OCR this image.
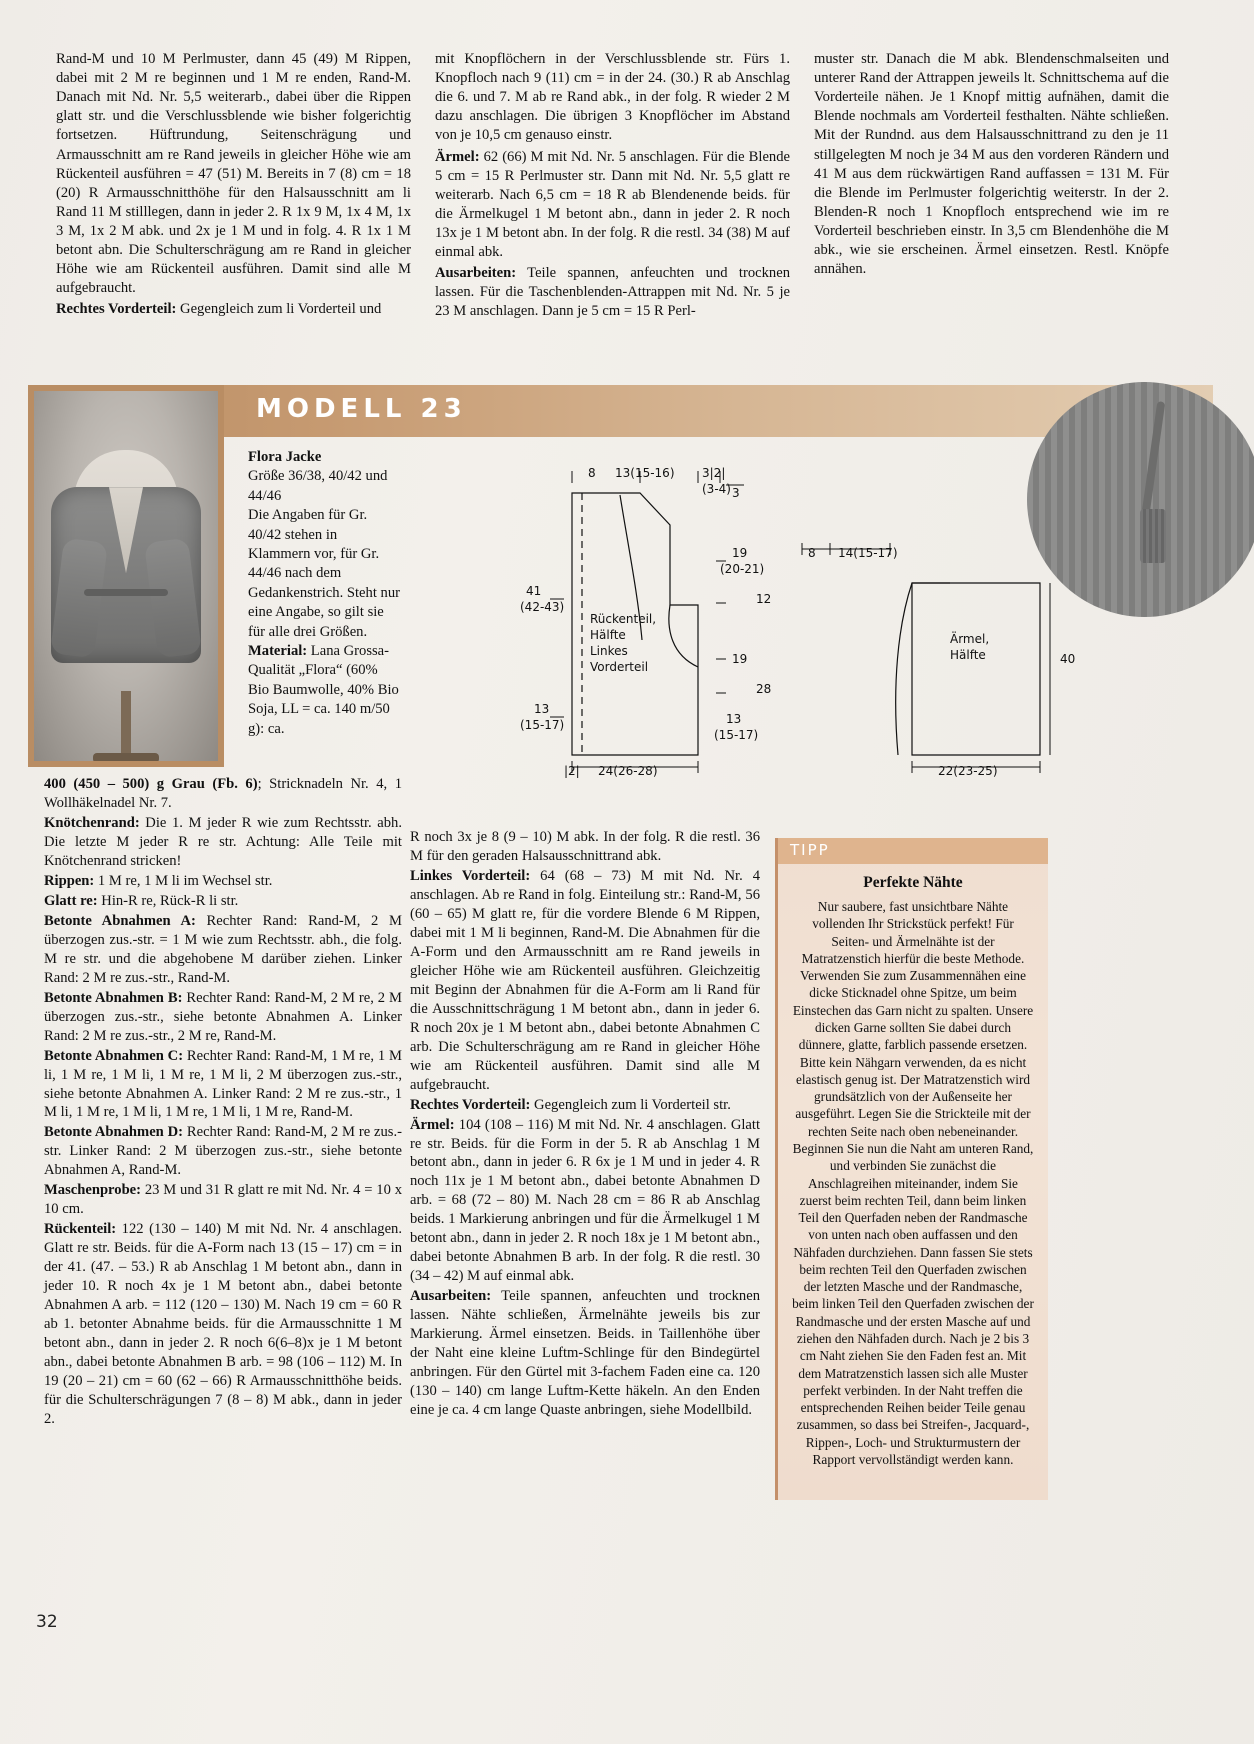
Rand-M und 10 M Perlmuster, dann 45 (49) M Rippen, dabei mit 2 M re beginnen und 1 M re enden, Rand-M. Danach mit Nd. Nr. 5,5 weiterarb., dabei über die Rippen glatt str. und die Verschlussblende wie bisher folgerichtig fortsetzen. Hüftrundung, Seitenschrägung und Armausschnitt am re Rand jeweils in gleicher Höhe wie am Rückenteil ausführen = 47 (51) M. Bereits in 7 (8) cm = 18 (20) R Armausschnitthöhe für den Halsausschnitt am li Rand 11 M stilllegen, dann in jeder 2. R 1x 9 M, 1x 4 M, 1x 3 M, 1x 2 M abk. und 2x je 1 M und in folg. 4. R 1x 1 M betont abn. Die Schulterschrägung am re Rand in gleicher Höhe wie am Rückenteil ausführen. Damit sind alle M aufgebraucht.

Rechtes Vorderteil: Gegengleich zum li Vorderteil und

mit Knopflöchern in der Verschlussblende str. Fürs 1. Knopfloch nach 9 (11) cm = in der 24. (30.) R ab Anschlag die 6. und 7. M ab re Rand abk., in der folg. R wieder 2 M dazu anschlagen. Die übrigen 3 Knopflöcher im Abstand von je 10,5 cm genauso einstr.

Ärmel: 62 (66) M mit Nd. Nr. 5 anschlagen. Für die Blende 5 cm = 15 R Perlmuster str. Dann mit Nd. Nr. 5,5 glatt re weiterarb. Nach 6,5 cm = 18 R ab Blendenende beids. für die Ärmelkugel 1 M betont abn., dann in jeder 2. R noch 13x je 1 M betont abn. In der folg. R die restl. 34 (38) M auf einmal abk.

Ausarbeiten: Teile spannen, anfeuchten und trocknen lassen. Für die Taschenblenden-Attrappen mit Nd. Nr. 5 je 23 M anschlagen. Dann je 5 cm = 15 R Perl-

muster str. Danach die M abk. Blendenschmalseiten und unterer Rand der Attrappen jeweils lt. Schnittschema auf die Vorderteile nähen. Je 1 Knopf mittig aufnähen, damit die Blende nochmals am Vorderteil festhalten. Nähte schließen. Mit der Rundnd. aus dem Halsausschnittrand zu den je 11 stillgelegten M noch je 34 M aus den vorderen Rändern und 41 M aus dem rückwärtigen Rand auffassen = 131 M. Für die Blende im Perlmuster folgerichtig weiterstr. In der 2. Blenden-R noch 1 Knopfloch entsprechend wie im re Vorderteil beschrieben einstr. In 3,5 cm Blendenhöhe die M abk., wie sie erscheinen. Ärmel einsetzen. Restl. Knöpfe annähen.

MODELL 23
Flora Jacke
Größe 36/38, 40/42 und 44/46
Die Angaben für Gr. 40/42 stehen in Klammern vor, für Gr. 44/46 nach dem Gedankenstrich. Steht nur eine Angabe, so gilt sie für alle drei Größen.
Material: Lana Grossa-Qualität „Flora“ (60% Bio Baumwolle, 40% Bio Soja, LL = ca. 140 m/50 g): ca.
8 13(15-16) 3|2|
(3-4) 3
41
(42-43)
13
(15-17)
|2| 24(26-28)
19
(20-21)
12
19
28
13
(15-17)
8 14(15-17)
40
22(23-25)
Rückenteil,
Hälfte
Linkes
Vorderteil
Ärmel,
Hälfte

400 (450 – 500) g Grau (Fb. 6); Stricknadeln Nr. 4, 1 Wollhäkelnadel Nr. 7.

Knötchenrand: Die 1. M jeder R wie zum Rechtsstr. abh. Die letzte M jeder R re str. Achtung: Alle Teile mit Knötchenrand stricken!

Rippen: 1 M re, 1 M li im Wechsel str.

Glatt re: Hin-R re, Rück-R li str.

Betonte Abnahmen A: Rechter Rand: Rand-M, 2 M überzogen zus.-str. = 1 M wie zum Rechtsstr. abh., die folg. M re str. und die abgehobene M darüber ziehen. Linker Rand: 2 M re zus.-str., Rand-M.

Betonte Abnahmen B: Rechter Rand: Rand-M, 2 M re, 2 M überzogen zus.-str., siehe betonte Abnahmen A. Linker Rand: 2 M re zus.-str., 2 M re, Rand-M.

Betonte Abnahmen C: Rechter Rand: Rand-M, 1 M re, 1 M li, 1 M re, 1 M li, 1 M re, 1 M li, 2 M überzogen zus.-str., siehe betonte Abnahmen A. Linker Rand: 2 M re zus.-str., 1 M li, 1 M re, 1 M li, 1 M re, 1 M li, 1 M re, Rand-M.

Betonte Abnahmen D: Rechter Rand: Rand-M, 2 M re zus.-str. Linker Rand: 2 M überzogen zus.-str., siehe betonte Abnahmen A, Rand-M.

Maschenprobe: 23 M und 31 R glatt re mit Nd. Nr. 4 = 10 x 10 cm.

Rückenteil: 122 (130 – 140) M mit Nd. Nr. 4 anschlagen. Glatt re str. Beids. für die A-Form nach 13 (15 – 17) cm = in der 41. (47. – 53.) R ab Anschlag 1 M betont abn., dann in jeder 10. R noch 4x je 1 M betont abn., dabei betonte Abnahmen A arb. = 112 (120 – 130) M. Nach 19 cm = 60 R ab 1. betonter Abnahme beids. für die Armausschnitte 1 M betont abn., dann in jeder 2. R noch 6(6–8)x je 1 M betont abn., dabei betonte Abnahmen B arb. = 98 (106 – 112) M. In 19 (20 – 21) cm = 60 (62 – 66) R Armausschnitthöhe beids. für die Schulterschrägungen 7 (8 – 8) M abk., dann in jeder 2.

R noch 3x je 8 (9 – 10) M abk. In der folg. R die restl. 36 M für den geraden Halsausschnittrand abk.

Linkes Vorderteil: 64 (68 – 73) M mit Nd. Nr. 4 anschlagen. Ab re Rand in folg. Einteilung str.: Rand-M, 56 (60 – 65) M glatt re, für die vordere Blende 6 M Rippen, dabei mit 1 M li beginnen, Rand-M. Die Abnahmen für die A-Form und den Armausschnitt am re Rand jeweils in gleicher Höhe wie am Rückenteil ausführen. Gleichzeitig mit Beginn der Abnahmen für die A-Form am li Rand für die Ausschnittschrägung 1 M betont abn., dann in jeder 6. R noch 20x je 1 M betont abn., dabei betonte Abnahmen C arb. Die Schulterschrägung am re Rand in gleicher Höhe wie am Rückenteil ausführen. Damit sind alle M aufgebraucht.

Rechtes Vorderteil: Gegengleich zum li Vorderteil str.

Ärmel: 104 (108 – 116) M mit Nd. Nr. 4 anschlagen. Glatt re str. Beids. für die Form in der 5. R ab Anschlag 1 M betont abn., dann in jeder 6. R 6x je 1 M und in jeder 4. R noch 11x je 1 M betont abn., dabei betonte Abnahmen D arb. = 68 (72 – 80) M. Nach 28 cm = 86 R ab Anschlag beids. 1 Markierung anbringen und für die Ärmelkugel 1 M betont abn., dann in jeder 2. R noch 18x je 1 M betont abn., dabei betonte Abnahmen B arb. In der folg. R die restl. 30 (34 – 42) M auf einmal abk.

Ausarbeiten: Teile spannen, anfeuchten und trocknen lassen. Nähte schließen, Ärmelnähte jeweils bis zur Markierung. Ärmel einsetzen. Beids. in Taillenhöhe über der Naht eine kleine Luftm-Schlinge für den Bindegürtel anbringen. Für den Gürtel mit 3-fachem Faden eine ca. 120 (130 – 140) cm lange Luftm-Kette häkeln. An den Enden eine je ca. 4 cm lange Quaste anbringen, siehe Modellbild.

TIPP
Perfekte Nähte
Nur saubere, fast unsichtbare Nähte vollenden Ihr Strickstück perfekt! Für Seiten- und Ärmelnähte ist der Matratzenstich hierfür die beste Methode. Verwenden Sie zum Zusammennähen eine dicke Sticknadel ohne Spitze, um beim Einstechen das Garn nicht zu spalten. Unsere dicken Garne sollten Sie dabei durch dünnere, glatte, farblich passende ersetzen. Bitte kein Nähgarn verwenden, da es nicht elastisch genug ist. Der Matratzenstich wird grundsätzlich von der Außenseite her ausgeführt. Legen Sie die Strickteile mit der rechten Seite nach oben nebeneinander. Beginnen Sie nun die Naht am unteren Rand, und verbinden Sie zunächst die Anschlagreihen miteinander, indem Sie zuerst beim rechten Teil, dann beim linken Teil den Querfaden neben der Randmasche von unten nach oben auffassen und den Nähfaden durchziehen. Dann fassen Sie stets beim rechten Teil den Querfaden zwischen der letzten Masche und der Randmasche, beim linken Teil den Querfaden zwischen der Randmasche und der ersten Masche auf und ziehen den Nähfaden durch. Nach je 2 bis 3 cm Naht ziehen Sie den Faden fest an. Mit dem Matratzenstich lassen sich alle Muster perfekt verbinden. In der Naht treffen die entsprechenden Reihen beider Teile genau zusammen, so dass bei Streifen-, Jacquard-, Rippen-, Loch- und Strukturmustern der Rapport vervollständigt werden kann.
32
